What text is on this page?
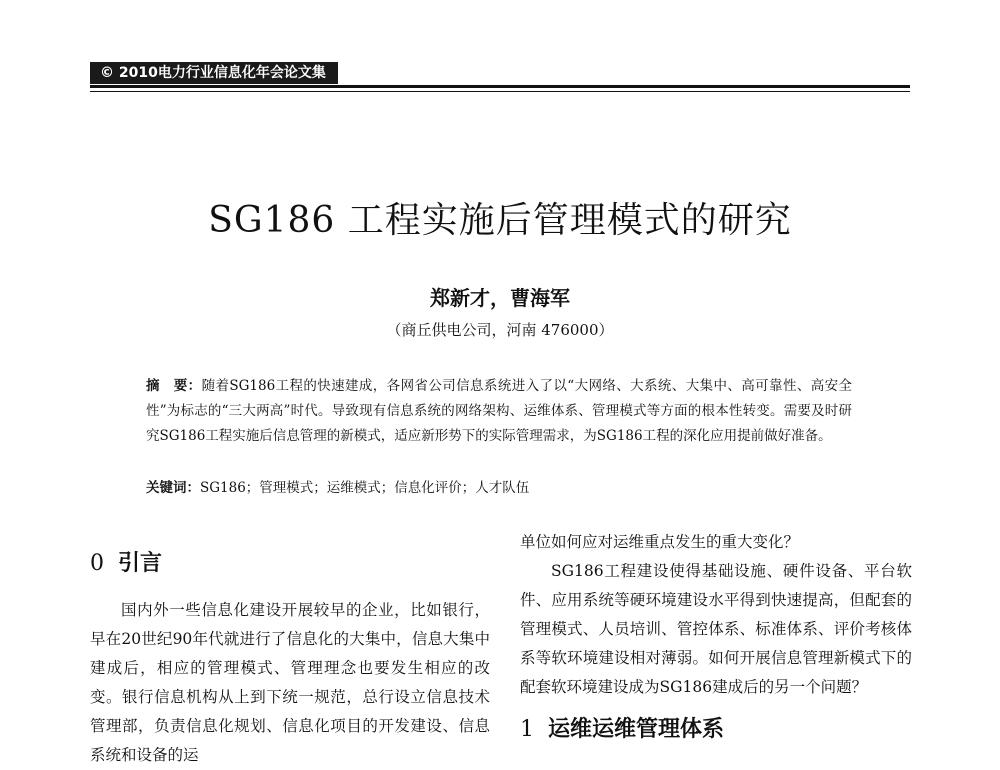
© 2010电力行业信息化年会论文集
SG186 工程实施后管理模式的研究
郑新才，曹海军
（商丘供电公司，河南 476000）

摘　要：随着SG186工程的快速建成，各网省公司信息系统进入了以“大网络、大系统、大集中、高可靠性、高安全性”为标志的“三大两高”时代。导致现有信息系统的网络架构、运维体系、管理模式等方面的根本性转变。需要及时研究SG186工程实施后信息管理的新模式，适应新形势下的实际管理需求，为SG186工程的深化应用提前做好准备。

关键词：SG186；管理模式；运维模式；信息化评价；人才队伍

0 引言

国内外一些信息化建设开展较早的企业，比如银行，早在20世纪90年代就进行了信息化的大集中，信息大集中建成后，相应的管理模式、管理理念也要发生相应的改变。银行信息机构从上到下统一规范，总行设立信息技术管理部，负责信息化规划、信息化项目的开发建设、信息系统和设备的运

单位如何应对运维重点发生的重大变化？

SG186工程建设使得基础设施、硬件设备、平台软件、应用系统等硬环境建设水平得到快速提高，但配套的管理模式、人员培训、管控体系、标准体系、评价考核体系等软环境建设相对薄弱。如何开展信息管理新模式下的配套软环境建设成为SG186建成后的另一个问题？

1 运维运维管理体系
